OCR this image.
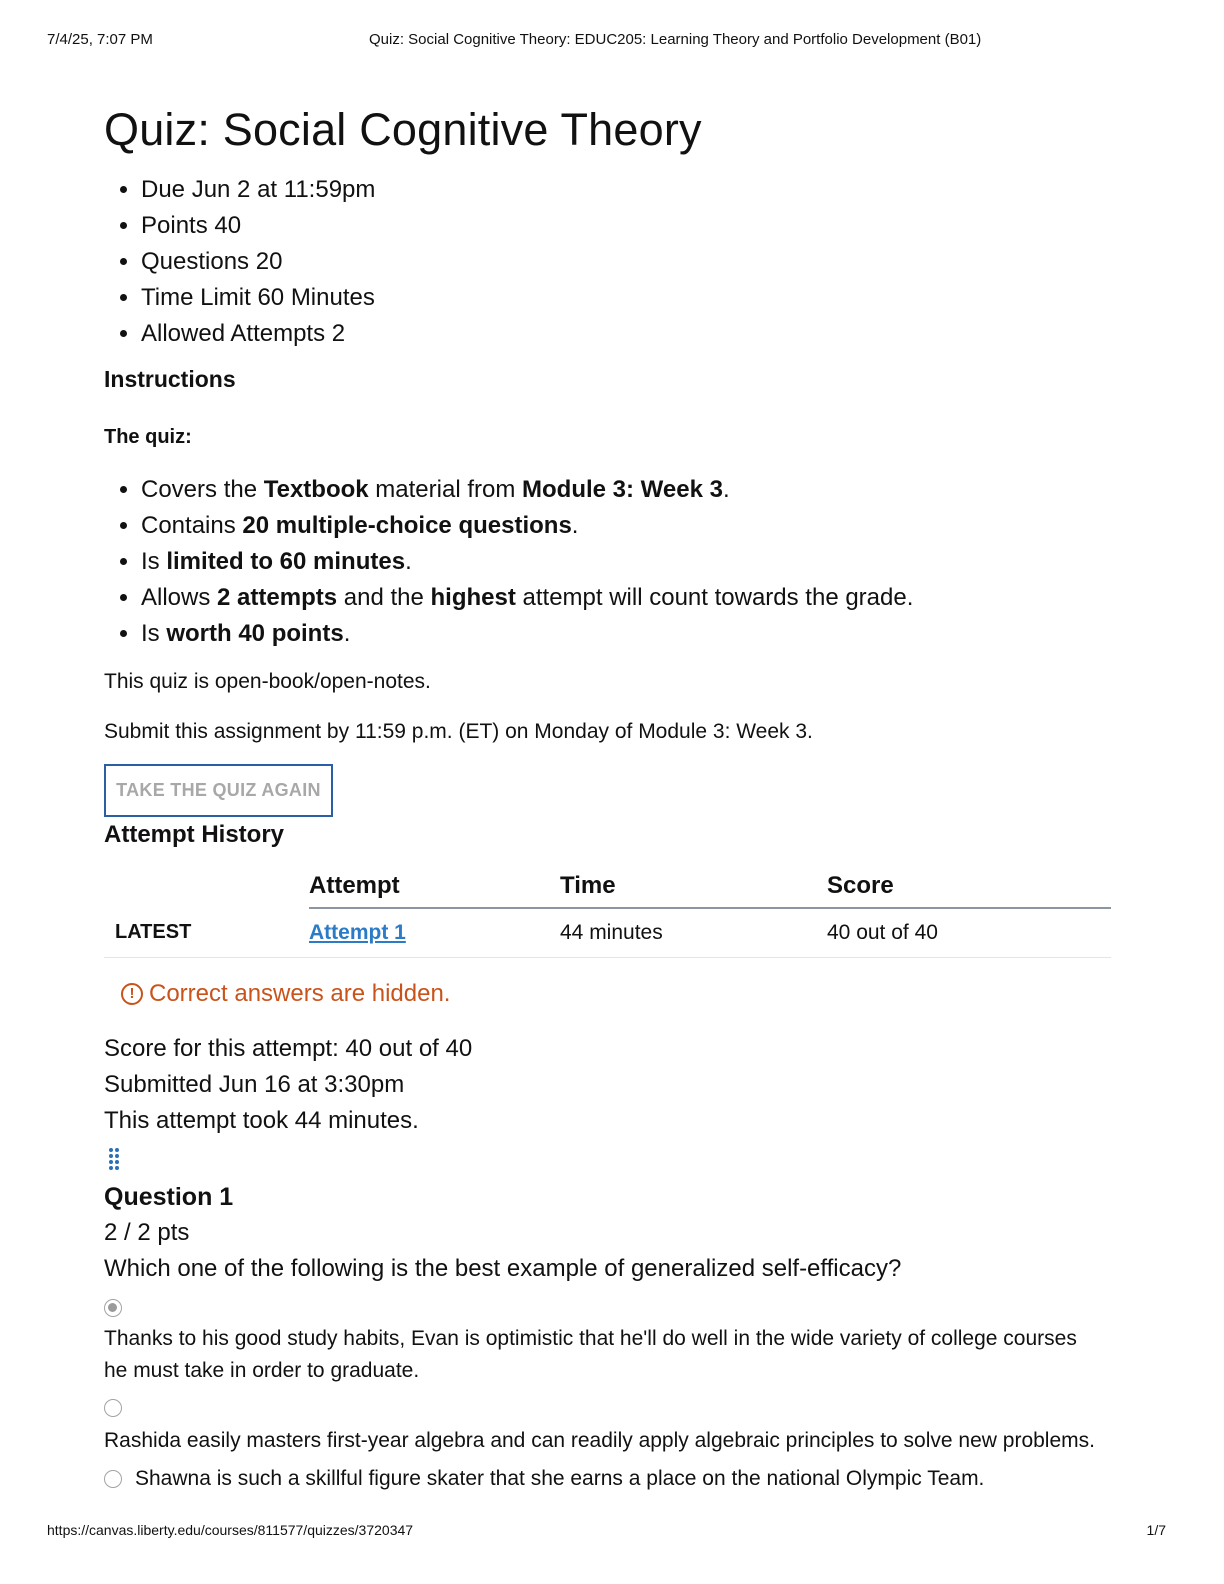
7/4/25, 7:07 PM	Quiz: Social Cognitive Theory: EDUC205: Learning Theory and Portfolio Development (B01)
Quiz: Social Cognitive Theory
• Due Jun 2 at 11:59pm
• Points 40
• Questions 20
• Time Limit 60 Minutes
• Allowed Attempts 2
Instructions
The quiz:
• Covers the Textbook material from Module 3: Week 3.
• Contains 20 multiple-choice questions.
• Is limited to 60 minutes.
• Allows 2 attempts and the highest attempt will count towards the grade.
• Is worth 40 points.

This quiz is open-book/open-notes.

Submit this assignment by 11:59 p.m. (ET) on Monday of Module 3: Week 3.

TAKE THE QUIZ AGAIN
Attempt History
	Attempt	Time	Score
LATEST	Attempt 1	44 minutes	40 out of 40
! Correct answers are hidden.
Score for this attempt: 40 out of 40
Submitted Jun 16 at 3:30pm
This attempt took 44 minutes.
Question 1
2 / 2 pts
Which one of the following is the best example of generalized self-efficacy?
Thanks to his good study habits, Evan is optimistic that he'll do well in the wide variety of college courses he must take in order to graduate.
Rashida easily masters first-year algebra and can readily apply algebraic principles to solve new problems.
Shawna is such a skillful figure skater that she earns a place on the national Olympic Team.
https://canvas.liberty.edu/courses/811577/quizzes/3720347	1/7
